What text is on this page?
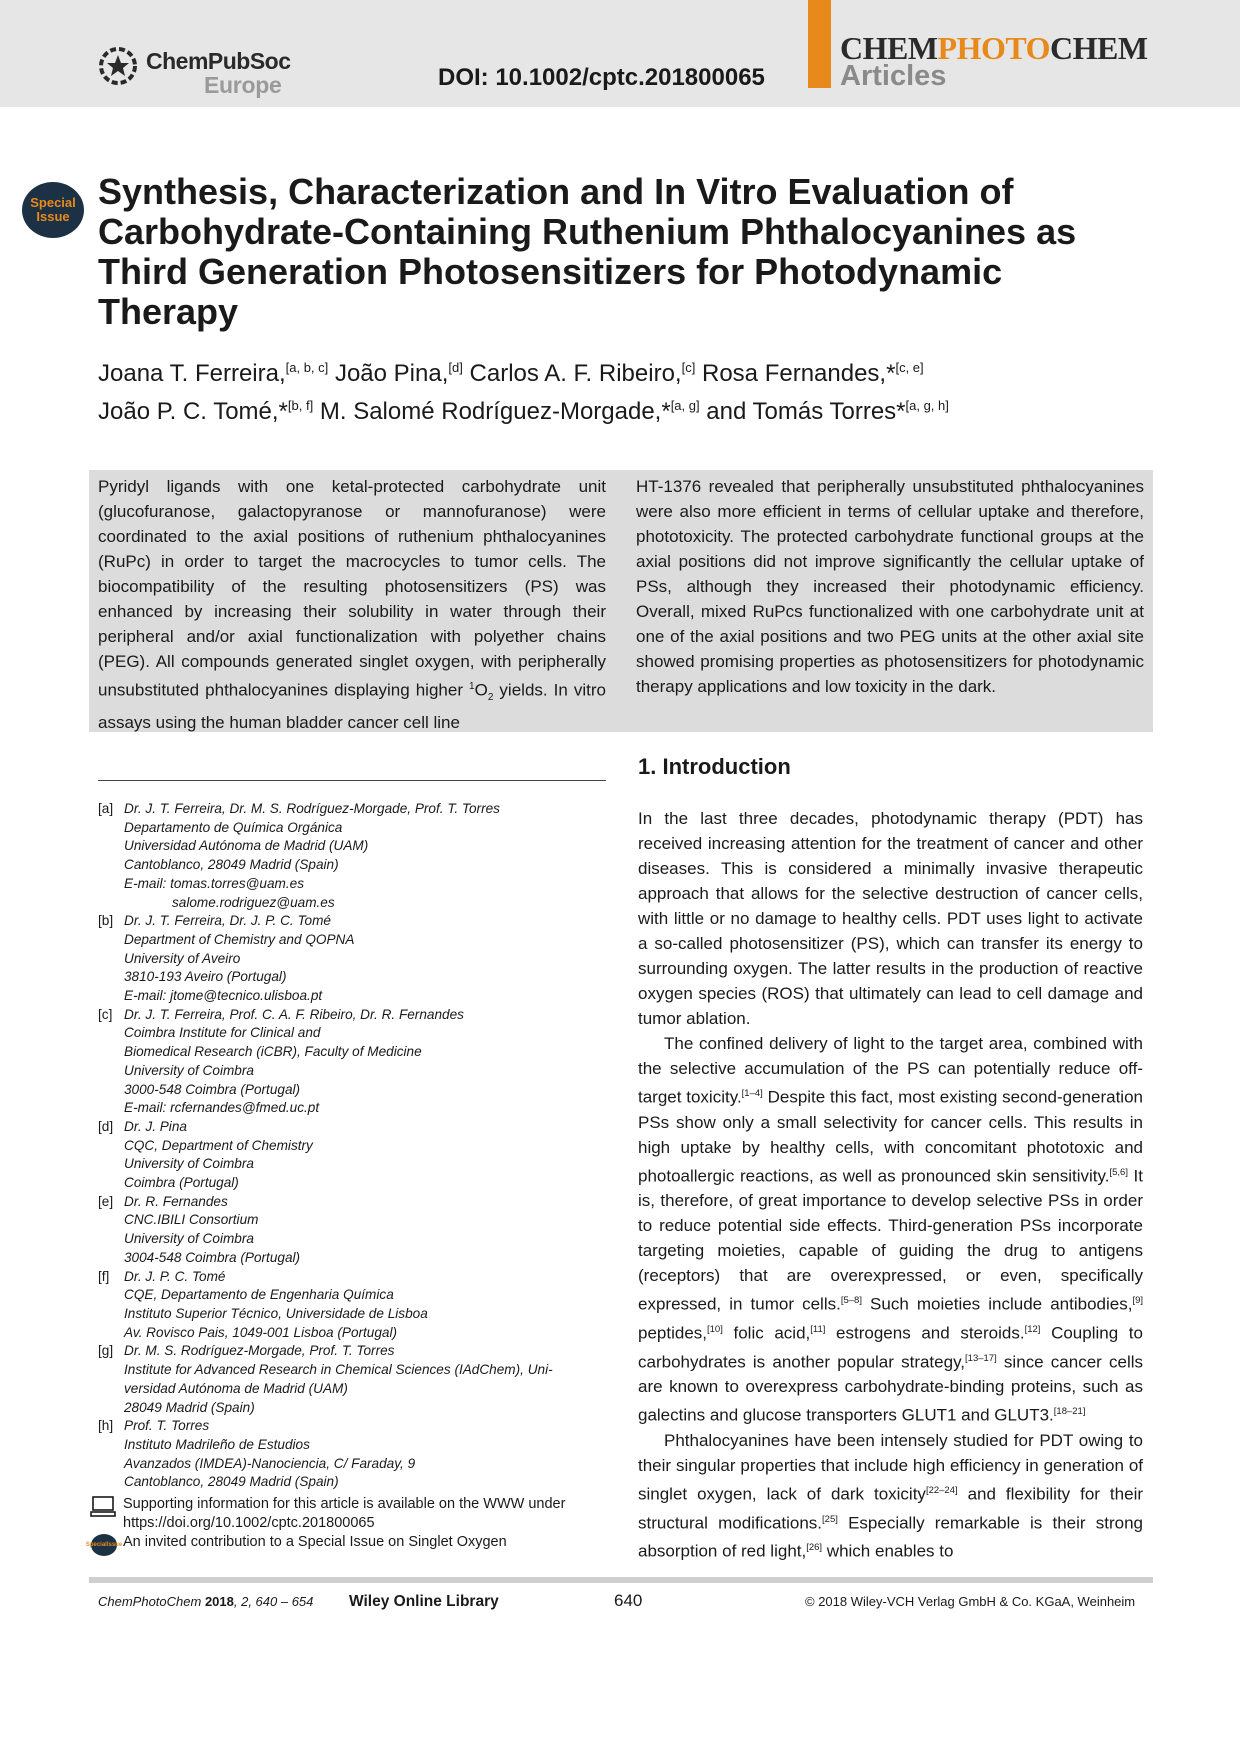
ChemPubSoc
Europe	DOI: 10.1002/cptc.201800065
CHEMPHOTOCHEM
Articles
Special
Issue
Synthesis, Characterization and In Vitro Evaluation of Carbohydrate-Containing Ruthenium Phthalocyanines as Third Generation Photosensitizers for Photodynamic Therapy
Joana T. Ferreira,[a, b, c] João Pina,[d] Carlos A. F. Ribeiro,[c] Rosa Fernandes,*[c, e]
João P. C. Tomé,*[b, f] M. Salomé Rodríguez-Morgade,*[a, g] and Tomás Torres*[a, g, h]
Pyridyl ligands with one ketal-protected carbohydrate unit (glucofuranose, galactopyranose or mannofuranose) were coordinated to the axial positions of ruthenium phthalocyanines (RuPc) in order to target the macrocycles to tumor cells. The biocompatibility of the resulting photosensitizers (PS) was enhanced by increasing their solubility in water through their peripheral and/or axial functionalization with polyether chains (PEG). All compounds generated singlet oxygen, with peripherally unsubstituted phthalocyanines displaying higher $^1O_2$ yields. In vitro assays using the human bladder cancer cell line
HT-1376 revealed that peripherally unsubstituted phthalocyanines were also more efficient in terms of cellular uptake and therefore, phototoxicity. The protected carbohydrate functional groups at the axial positions did not improve significantly the cellular uptake of PSs, although they increased their photodynamic efficiency. Overall, mixed RuPcs functionalized with one carbohydrate unit at one of the axial positions and two PEG units at the other axial site showed promising properties as photosensitizers for photodynamic therapy applications and low toxicity in the dark.
[a] Dr. J. T. Ferreira, Dr. M. S. Rodríguez-Morgade, Prof. T. Torres
Departamento de Química Orgánica
Universidad Autónoma de Madrid (UAM)
Cantoblanco, 28049 Madrid (Spain)
E-mail: tomas.torres@uam.es
salome.rodriguez@uam.es
[b] Dr. J. T. Ferreira, Dr. J. P. C. Tomé
Department of Chemistry and QOPNA
University of Aveiro
3810-193 Aveiro (Portugal)
E-mail: jtome@tecnico.ulisboa.pt
[c] Dr. J. T. Ferreira, Prof. C. A. F. Ribeiro, Dr. R. Fernandes
Coimbra Institute for Clinical and
Biomedical Research (iCBR), Faculty of Medicine
University of Coimbra
3000-548 Coimbra (Portugal)
E-mail: rcfernandes@fmed.uc.pt
[d] Dr. J. Pina
CQC, Department of Chemistry
University of Coimbra
Coimbra (Portugal)
[e] Dr. R. Fernandes
CNC.IBILI Consortium
University of Coimbra
3004-548 Coimbra (Portugal)
[f] Dr. J. P. C. Tomé
CQE, Departamento de Engenharia Química
Instituto Superior Técnico, Universidade de Lisboa
Av. Rovisco Pais, 1049-001 Lisboa (Portugal)
[g] Dr. M. S. Rodríguez-Morgade, Prof. T. Torres
Institute for Advanced Research in Chemical Sciences (IAdChem), Uni-
versidad Autónoma de Madrid (UAM)
28049 Madrid (Spain)
[h] Prof. T. Torres
Instituto Madrileño de Estudios
Avanzados (IMDEA)-Nanociencia, C/ Faraday, 9
Cantoblanco, 28049 Madrid (Spain)
Supporting information for this article is available on the WWW under https://doi.org/10.1002/cptc.201800065
Special Issue An invited contribution to a Special Issue on Singlet Oxygen
1. Introduction

In the last three decades, photodynamic therapy (PDT) has received increasing attention for the treatment of cancer and other diseases. This is considered a minimally invasive therapeutic approach that allows for the selective destruction of cancer cells, with little or no damage to healthy cells. PDT uses light to activate a so-called photosensitizer (PS), which can transfer its energy to surrounding oxygen. The latter results in the production of reactive oxygen species (ROS) that ultimately can lead to cell damage and tumor ablation.

The confined delivery of light to the target area, combined with the selective accumulation of the PS can potentially reduce off-target toxicity.[1–4] Despite this fact, most existing second-generation PSs show only a small selectivity for cancer cells. This results in high uptake by healthy cells, with concomitant phototoxic and photoallergic reactions, as well as pronounced skin sensitivity.[5,6] It is, therefore, of great importance to develop selective PSs in order to reduce potential side effects. Third-generation PSs incorporate targeting moieties, capable of guiding the drug to antigens (receptors) that are overexpressed, or even, specifically expressed, in tumor cells.[5–8] Such moieties include antibodies,[9] peptides,[10] folic acid,[11] estrogens and steroids.[12] Coupling to carbohydrates is another popular strategy,[13–17] since cancer cells are known to overexpress carbohydrate-binding proteins, such as galectins and glucose transporters GLUT1 and GLUT3.[18–21]

Phthalocyanines have been intensely studied for PDT owing to their singular properties that include high efficiency in generation of singlet oxygen, lack of dark toxicity[22–24] and flexibility for their structural modifications.[25] Especially remarkable is their strong absorption of red light,[26] which enables to

ChemPhotoChem 2018, 2, 640 – 654 Wiley Online Library	640	© 2018 Wiley-VCH Verlag GmbH & Co. KGaA, Weinheim
